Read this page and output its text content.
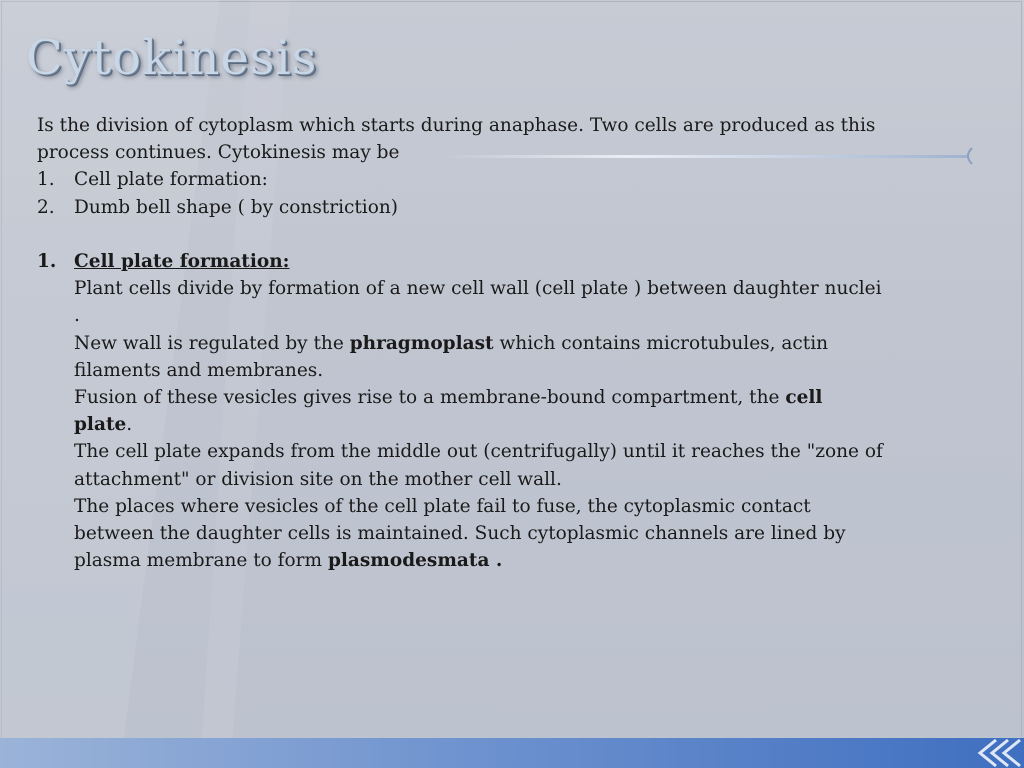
Cytokinesis
Is the division of cytoplasm which starts during anaphase. Two cells are produced as this process continues. Cytokinesis may be
1.	Cell plate formation:
2.	Dumb bell shape ( by constriction)
1. Cell plate formation:
Plant cells divide by formation of a new cell wall (cell plate ) between daughter nuclei .
New wall is regulated by the phragmoplast which contains microtubules, actin filaments and membranes.
Fusion of these vesicles gives rise to a membrane-bound compartment, the cell plate.
The cell plate expands from the middle out (centrifugally) until it reaches the "zone of attachment" or division site on the mother cell wall.
The places where vesicles of the cell plate fail to fuse, the cytoplasmic contact between the daughter cells is maintained. Such cytoplasmic channels are lined by plasma membrane to form plasmodesmata .
